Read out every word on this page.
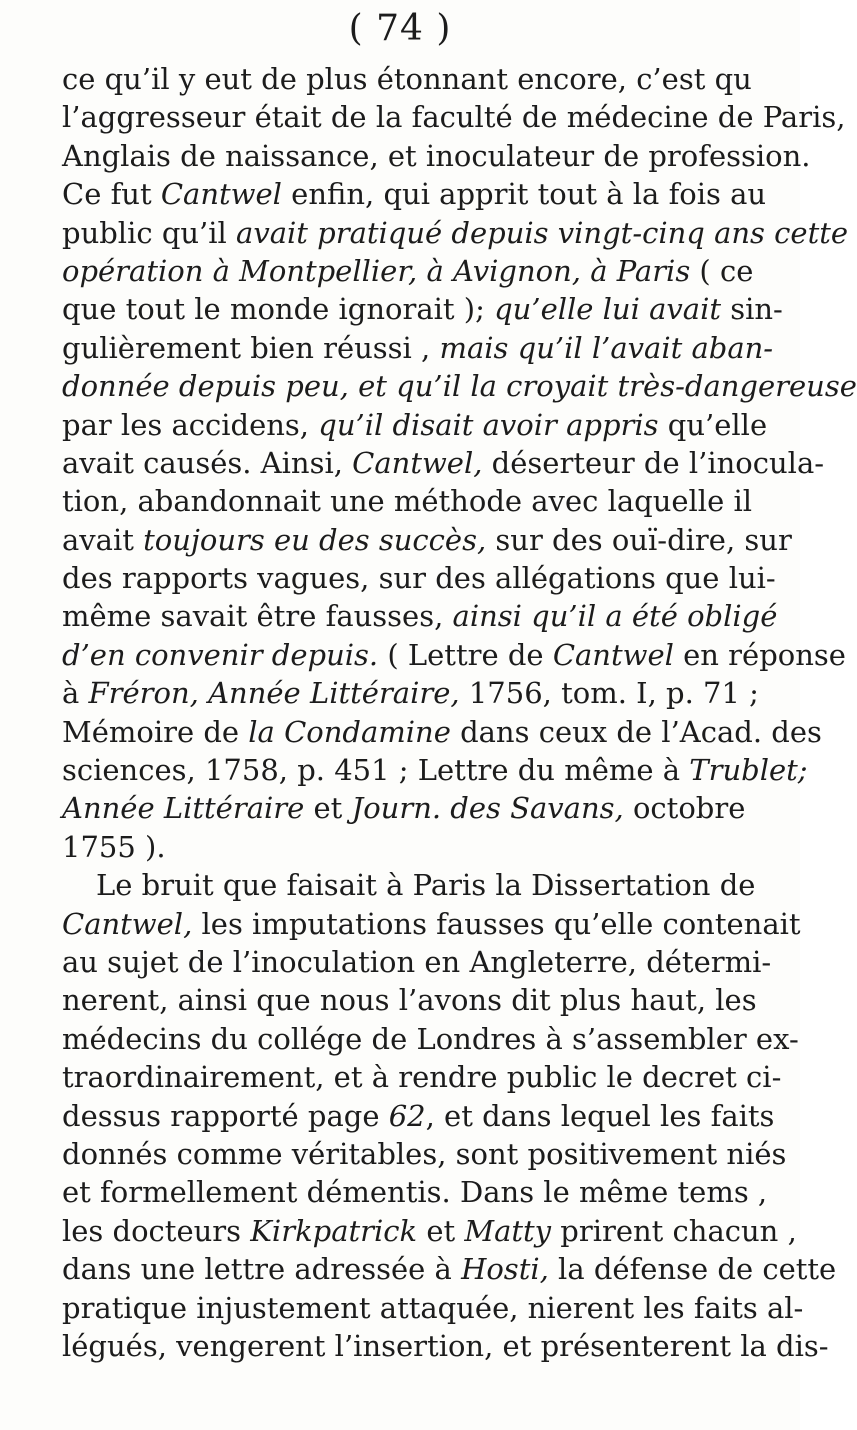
( 74 )
ce qu’il y eut de plus étonnant encore, c’est qu
l’aggresseur était de la faculté de médecine de Paris,
Anglais de naissance, et inoculateur de profession.
Ce fut Cantwel enfin, qui apprit tout à la fois au
public qu’il avait pratiqué depuis vingt-cinq ans cette
opération à Montpellier, à Avignon, à Paris ( ce
que tout le monde ignorait ); qu’elle lui avait sin-
gulièrement bien réussi , mais qu’il l’avait aban-
donnée depuis peu, et qu’il la croyait très-dangereuse
par les accidens, qu’il disait avoir appris qu’elle
avait causés. Ainsi, Cantwel, déserteur de l’inocula-
tion, abandonnait une méthode avec laquelle il
avait toujours eu des succès, sur des ouï-dire, sur
des rapports vagues, sur des allégations que lui-
même savait être fausses, ainsi qu’il a été obligé
d’en convenir depuis. ( Lettre de Cantwel en réponse
à Fréron, Année Littéraire, 1756, tom. I, p. 71 ;
Mémoire de la Condamine dans ceux de l’Acad. des
sciences, 1758, p. 451 ; Lettre du même à Trublet;
Année Littéraire et Journ. des Savans, octobre
1755 ).
Le bruit que faisait à Paris la Dissertation de
Cantwel, les imputations fausses qu’elle contenait
au sujet de l’inoculation en Angleterre, détermi-
nerent, ainsi que nous l’avons dit plus haut, les
médecins du collége de Londres à s’assembler ex-
traordinairement, et à rendre public le decret ci-
dessus rapporté page 62, et dans lequel les faits
donnés comme véritables, sont positivement niés
et formellement démentis. Dans le même tems ,
les docteurs Kirkpatrick et Matty prirent chacun ,
dans une lettre adressée à Hosti, la défense de cette
pratique injustement attaquée, nierent les faits al-
légués, vengerent l’insertion, et présenterent la dis-
